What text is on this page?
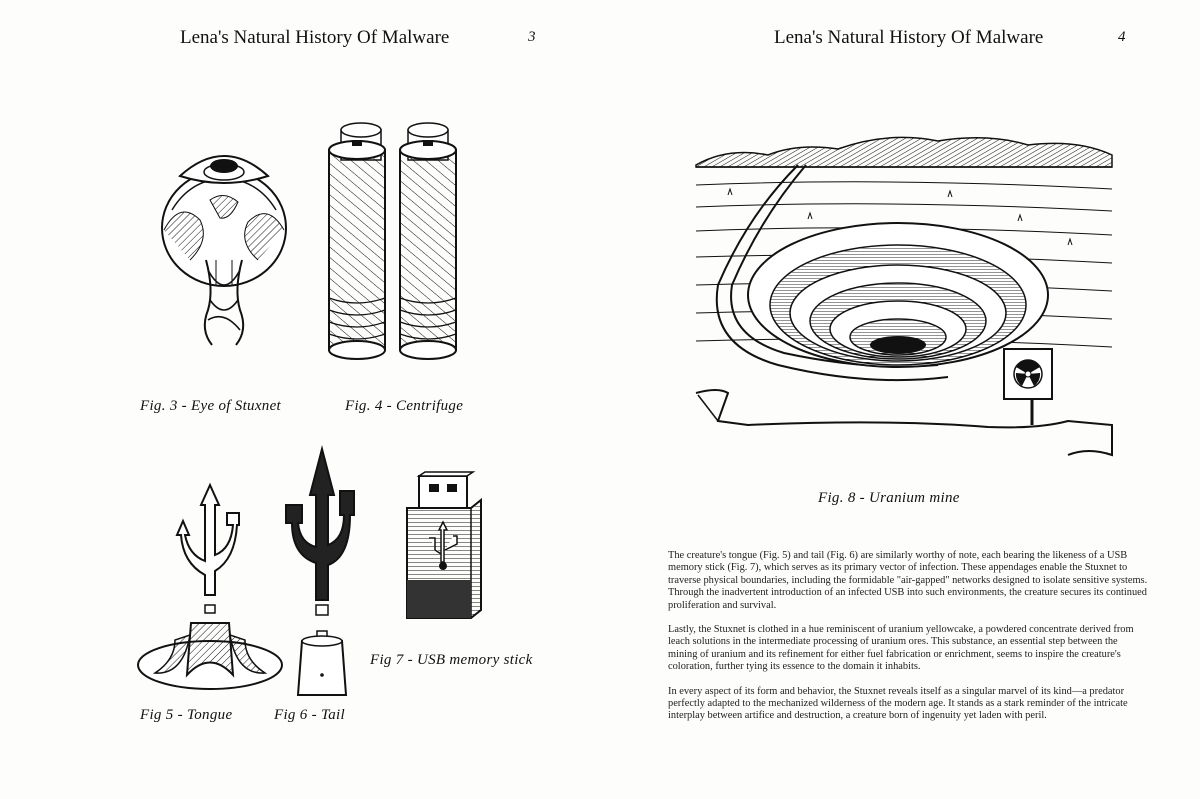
Lena's Natural History Of Malware	3
Fig. 3 - Eye of Stuxnet	Fig. 4 - Centrifuge
Fig 5 - Tongue	Fig 6 - Tail
Fig 7 - USB memory stick
Lena's Natural History Of Malware	4
Fig. 8 - Uranium mine

The creature's tongue (Fig. 5) and tail (Fig. 6) are similarly worthy of note, each bearing the likeness of a USB memory stick (Fig. 7), which serves as its primary vector of infection. These appendages enable the Stuxnet to traverse physical boundaries, including the formidable "air-gapped" networks designed to isolate sensitive systems. Through the inadvertent introduction of an infected USB into such environments, the creature secures its continued proliferation and survival.

Lastly, the Stuxnet is clothed in a hue reminiscent of uranium yellowcake, a powdered concentrate derived from leach solutions in the intermediate processing of uranium ores. This substance, an essential step between the mining of uranium and its refinement for either fuel fabrication or enrichment, seems to inspire the creature's coloration, further tying its essence to the domain it inhabits.

In every aspect of its form and behavior, the Stuxnet reveals itself as a singular marvel of its kind—a predator perfectly adapted to the mechanized wilderness of the modern age. It stands as a stark reminder of the intricate interplay between artifice and destruction, a creature born of ingenuity yet laden with peril.
